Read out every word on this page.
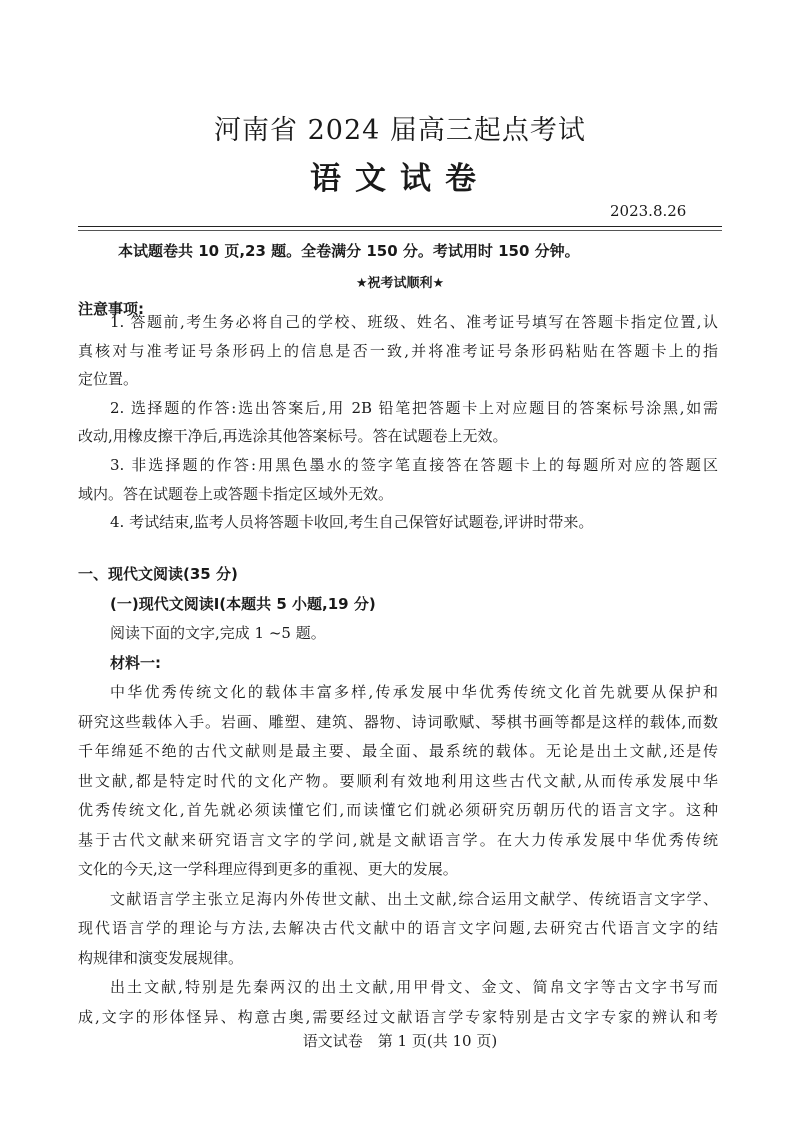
河南省 2024 届高三起点考试
语文试卷
2023.8.26
本试题卷共 10 页,23 题。全卷满分 150 分。考试用时 150 分钟。
★祝考试顺利★
注意事项:
1. 答题前,考生务必将自己的学校、班级、姓名、准考证号填写在答题卡指定位置,认
真核对与准考证号条形码上的信息是否一致,并将准考证号条形码粘贴在答题卡上的指
定位置。
2. 选择题的作答:选出答案后,用 2B 铅笔把答题卡上对应题目的答案标号涂黑,如需
改动,用橡皮擦干净后,再选涂其他答案标号。答在试题卷上无效。
3. 非选择题的作答:用黑色墨水的签字笔直接答在答题卡上的每题所对应的答题区
域内。答在试题卷上或答题卡指定区域外无效。
4. 考试结束,监考人员将答题卡收回,考生自己保管好试题卷,评讲时带来。
一、现代文阅读(35 分)
(一)现代文阅读Ⅰ(本题共 5 小题,19 分)
阅读下面的文字,完成 1 ~5 题。
材料一:
中华优秀传统文化的载体丰富多样,传承发展中华优秀传统文化首先就要从保护和
研究这些载体入手。岩画、雕塑、建筑、器物、诗词歌赋、琴棋书画等都是这样的载体,而数
千年绵延不绝的古代文献则是最主要、最全面、最系统的载体。无论是出土文献,还是传
世文献,都是特定时代的文化产物。要顺利有效地利用这些古代文献,从而传承发展中华
优秀传统文化,首先就必须读懂它们,而读懂它们就必须研究历朝历代的语言文字。这种
基于古代文献来研究语言文字的学问,就是文献语言学。在大力传承发展中华优秀传统
文化的今天,这一学科理应得到更多的重视、更大的发展。
文献语言学主张立足海内外传世文献、出土文献,综合运用文献学、传统语言文字学、
现代语言学的理论与方法,去解决古代文献中的语言文字问题,去研究古代语言文字的结
构规律和演变发展规律。
出土文献,特别是先秦两汉的出土文献,用甲骨文、金文、简帛文字等古文字书写而
成,文字的形体怪异、构意古奥,需要经过文献语言学专家特别是古文字专家的辨认和考
语文试卷　第 1 页(共 10 页)
